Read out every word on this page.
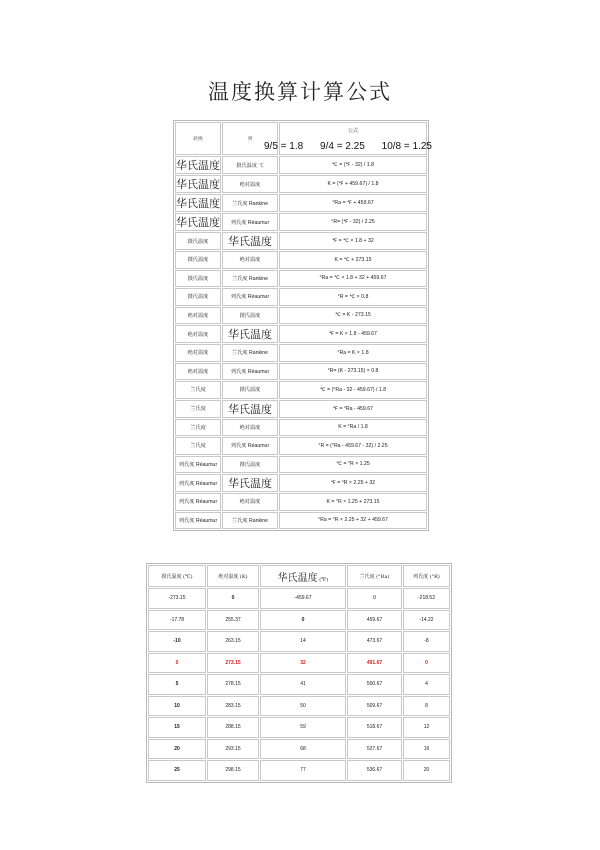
温度换算计算公式
转换	到	公式
9/5 = 1.8 9/4 = 2.25 10/8 = 1.25

华氏温度	摄氏温度 ℃	℃ = (℉ - 32) / 1.8
华氏温度	绝对温度	K = (℉ + 459.67) / 1.8
华氏温度	兰氏度 Rankine	°Ra = ℉ + 459.67
华氏温度	列氏度 Réaumur	°R= (℉ - 32) / 2.25
摄氏温度	华氏温度	℉ = ℃ × 1.8 + 32
摄氏温度	绝对温度	K = ℃ + 273.15
摄氏温度	兰氏度 Rankine	°Ra = ℃ × 1.8 + 32 + 459.67
摄氏温度	列氏度 Réaumur	°R = ℃ × 0.8
绝对温度	摄氏温度	℃ = K - 273.15
绝对温度	华氏温度	℉ = K × 1.8 - 459.67
绝对温度	兰氏度 Rankine	°Ra = K × 1.8
绝对温度	列氏度 Réaumur	°R= (K - 273.15) × 0.8
兰氏度	摄氏温度	℃ = (°Ra - 32 - 459.67) / 1.8
兰氏度	华氏温度	℉ = °Ra - 459.67
兰氏度	绝对温度	K = °Ra / 1.8
兰氏度	列氏度 Réaumur	°R = (°Ra - 459.67 - 32) / 2.25
列氏度 Réaumur	摄氏温度	℃ = °R × 1.25
列氏度 Réaumur	华氏温度	℉ = °R × 2.25 + 32
列氏度 Réaumur	绝对温度	K = °R × 1.25 + 273.15
列氏度 Réaumur	兰氏度 Rankine	°Ra = °R × 2.25 + 32 + 459.67
摄氏温度 (℃)	绝对温度 (K)	华氏温度 (℉)	兰氏度 (°Ra)	列氏度 (°R)
-273.15	0	-459.67	0	-218.52
-17.78	255.37	0	459.67	-14.22
-10	263.15	14	473.67	-8
0	273.15	32	491.67	0
5	278.15	41	500.67	4
10	283.15	50	509.67	8
15	288.15	59	518.67	12
20	293.15	68	527.67	16
25	298.15	77	536.67	20
